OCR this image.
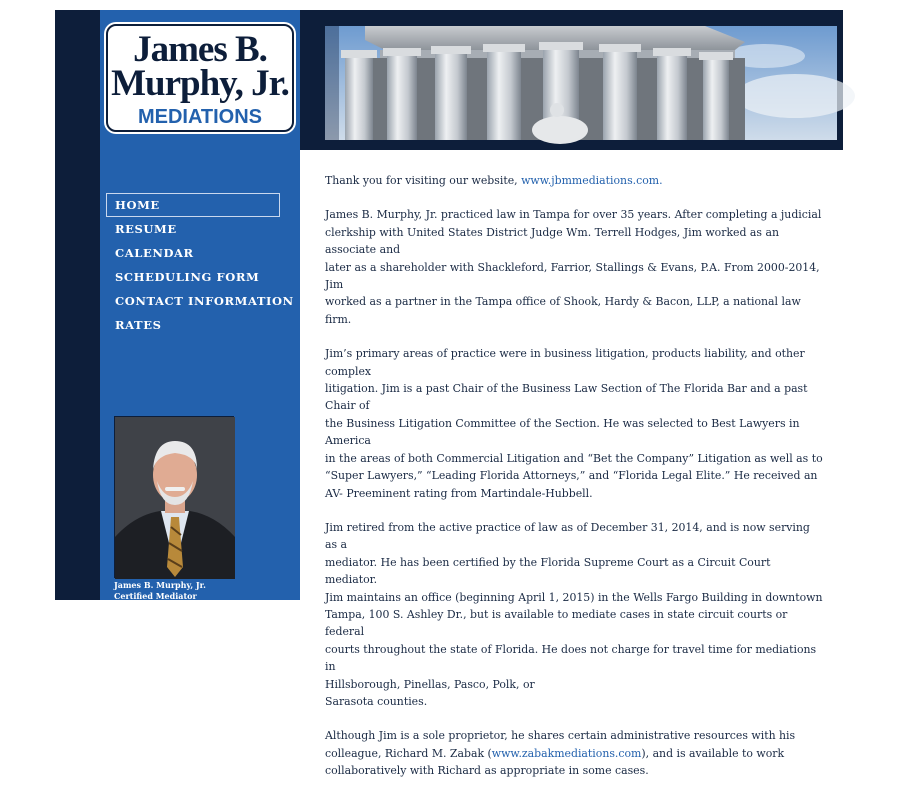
James B.
Murphy, Jr.
MEDIATIONS
HOME
RESUME
CALENDAR
SCHEDULING FORM
CONTACT INFORMATION
RATES
James B. Murphy, Jr.
Certified Mediator

Thank you for visiting our website, www.jbmmediations.com.

James B. Murphy, Jr. practiced law in Tampa for over 35 years. After completing a judicial
clerkship with United States District Judge Wm. Terrell Hodges, Jim worked as an associate and
later as a shareholder with Shackleford, Farrior, Stallings & Evans, P.A. From 2000-2014, Jim
worked as a partner in the Tampa office of Shook, Hardy & Bacon, LLP, a national law firm.

Jim’s primary areas of practice were in business litigation, products liability, and other complex
litigation. Jim is a past Chair of the Business Law Section of The Florida Bar and a past Chair of
the Business Litigation Committee of the Section. He was selected to Best Lawyers in America
in the areas of both Commercial Litigation and “Bet the Company” Litigation as well as to
“Super Lawyers,” “Leading Florida Attorneys,” and “Florida Legal Elite.” He received an
AV- Preeminent rating from Martindale-Hubbell.

Jim retired from the active practice of law as of December 31, 2014, and is now serving as a
mediator. He has been certified by the Florida Supreme Court as a Circuit Court mediator.
Jim maintains an office (beginning April 1, 2015) in the Wells Fargo Building in downtown
Tampa, 100 S. Ashley Dr., but is available to mediate cases in state circuit courts or federal
courts throughout the state of Florida. He does not charge for travel time for mediations in
Hillsborough, Pinellas, Pasco, Polk, or
Sarasota counties.

Although Jim is a sole proprietor, he shares certain administrative resources with his
colleague, Richard M. Zabak (www.zabakmediations.com), and is available to work
collaboratively with Richard as appropriate in some cases.
